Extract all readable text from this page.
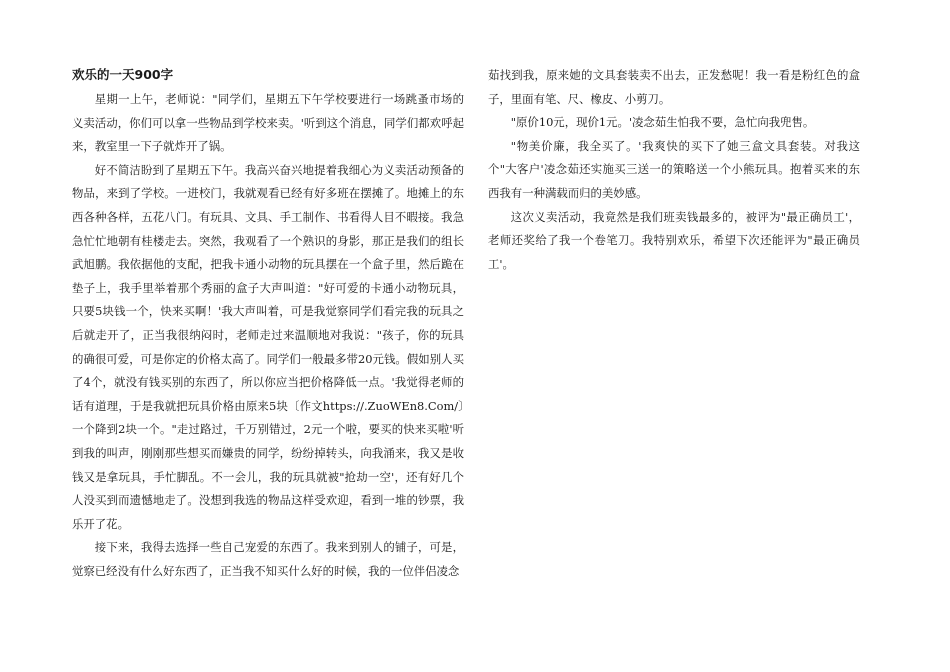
欢乐的一天900字

星期一上午，老师说："同学们，星期五下午学校要进行一场跳蚤市场的义卖活动，你们可以拿一些物品到学校来卖。'听到这个消息，同学们都欢呼起来，教室里一下子就炸开了锅。

好不简洁盼到了星期五下午。我高兴奋兴地提着我细心为义卖活动预备的物品，来到了学校。一进校门，我就观看已经有好多班在摆摊了。地摊上的东西各种各样，五花八门。有玩具、文具、手工制作、书看得人目不暇接。我急急忙忙地朝有桂楼走去。突然，我观看了一个熟识的身影，那正是我们的组长武旭鹏。我依据他的支配，把我卡通小动物的玩具摆在一个盒子里，然后跪在垫子上，我手里举着那个秀丽的盒子大声叫道："好可爱的卡通小动物玩具，只要5块钱一个，快来买啊！'我大声叫着，可是我觉察同学们看完我的玩具之后就走开了，正当我很纳闷时，老师走过来温顺地对我说："孩子，你的玩具的确很可爱，可是你定的价格太高了。同学们一般最多带20元钱。假如别人买了4个，就没有钱买别的东西了，所以你应当把价格降低一点。'我觉得老师的话有道理，于是我就把玩具价格由原来5块〔作文https://.ZuoWEn8.Com/〕一个降到2块一个。"走过路过，千万别错过，2元一个啦，要买的快来买啦'听到我的叫声，刚刚那些想买而嫌贵的同学，纷纷掉转头，向我涌来，我又是收钱又是拿玩具，手忙脚乱。不一会儿，我的玩具就被"抢劫一空'，还有好几个人没买到而遗憾地走了。没想到我选的物品这样受欢迎，看到一堆的钞票，我乐开了花。

接下来，我得去选择一些自己宠爱的东西了。我来到别人的铺子，可是，觉察已经没有什么好东西了，正当我不知买什么好的时候，我的一位伴侣凌念

茹找到我，原来她的文具套装卖不出去，正发愁呢！我一看是粉红色的盒子，里面有笔、尺、橡皮、小剪刀。

"原价10元，现价1元。'凌念茹生怕我不要，急忙向我兜售。

"物美价廉，我全买了。'我爽快的买下了她三盒文具套装。对我这个"大客户'凌念茹还实施买三送一的策略送一个小熊玩具。抱着买来的东西我有一种满载而归的美妙感。

这次义卖活动，我竟然是我们班卖钱最多的，被评为"最正确员工'，老师还奖给了我一个卷笔刀。我特别欢乐，希望下次还能评为"最正确员工'。
